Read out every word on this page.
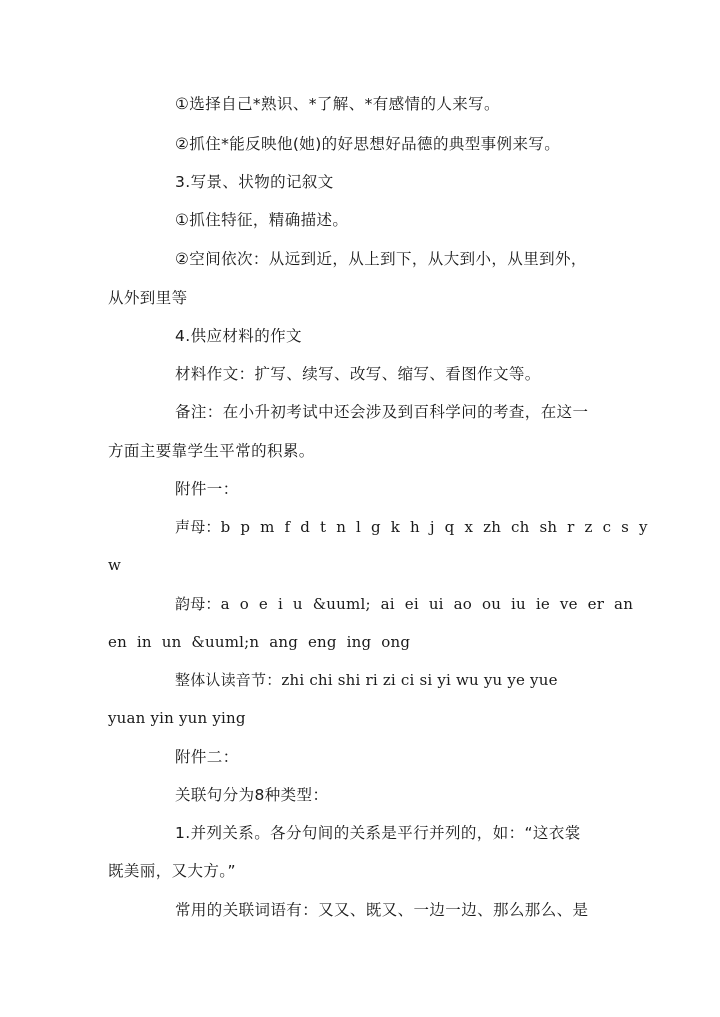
①选择自己*熟识、*了解、*有感情的人来写。
②抓住*能反映他(她)的好思想好品德的典型事例来写。
3.写景、状物的记叙文
①抓住特征，精确描述。
②空间依次：从远到近，从上到下，从大到小，从里到外，
从外到里等
4.供应材料的作文
材料作文：扩写、续写、改写、缩写、看图作文等。
备注：在小升初考试中还会涉及到百科学问的考查，在这一
方面主要靠学生平常的积累。
附件一：
声母：b p m f d t n l g k h j q x zh ch sh r z c s y
w
韵母：a o e i u &uuml; ai ei ui ao ou iu ie ve er an
en in un &uuml;n ang eng ing ong
整体认读音节：zhi chi shi ri zi ci si yi wu yu ye yue
yuan yin yun ying
附件二：
关联句分为8种类型：
1.并列关系。各分句间的关系是平行并列的，如：“这衣裳
既美丽，又大方。”
常用的关联词语有：又又、既又、一边一边、那么那么、是
